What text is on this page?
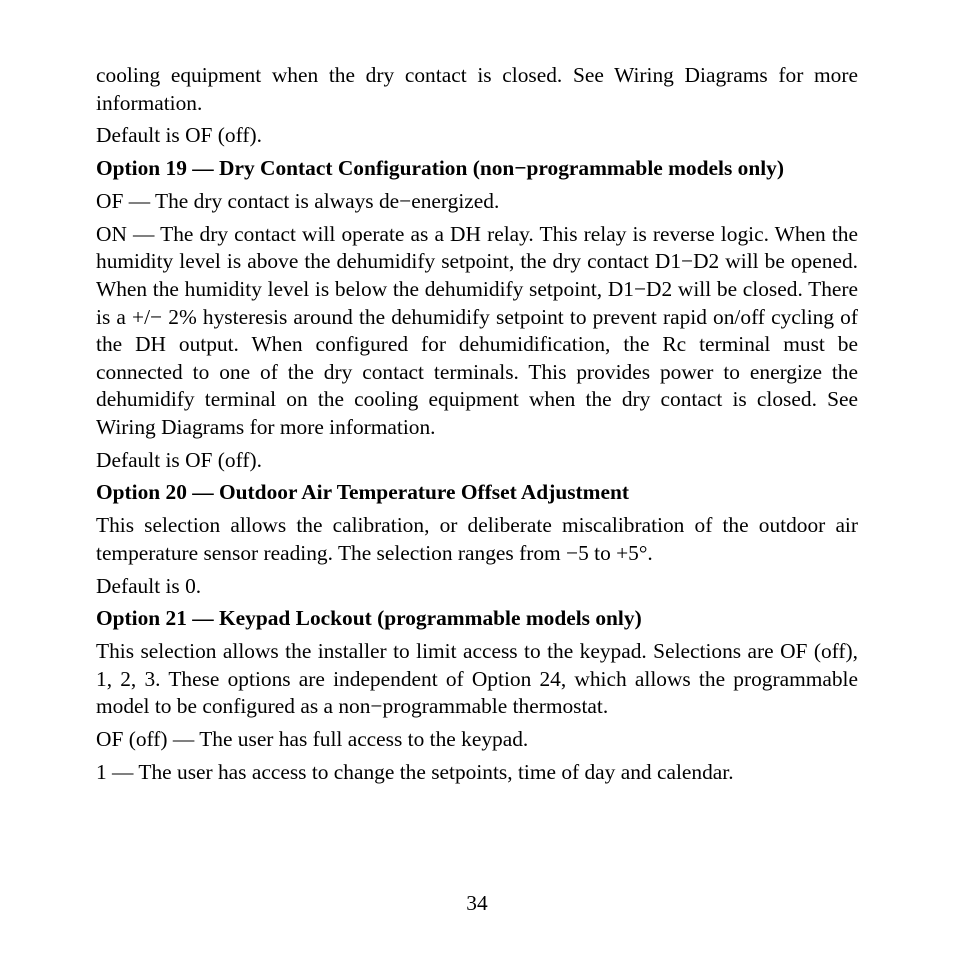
cooling equipment when the dry contact is closed. See Wiring Diagrams for more information.

Default is OF (off).

Option 19 — Dry Contact Configuration (non−programmable models only)

OF — The dry contact is always de−energized.

ON — The dry contact will operate as a DH relay. This relay is reverse logic. When the humidity level is above the dehumidify setpoint, the dry contact D1−D2 will be opened. When the humidity level is below the dehumidify setpoint, D1−D2 will be closed. There is a +/− 2% hysteresis around the dehumidify setpoint to prevent rapid on/off cycling of the DH output. When configured for dehumidification, the Rc terminal must be connected to one of the dry contact terminals. This provides power to energize the dehumidify terminal on the cooling equipment when the dry contact is closed. See Wiring Diagrams for more information.

Default is OF (off).

Option 20 — Outdoor Air Temperature Offset Adjustment

This selection allows the calibration, or deliberate miscalibration of the outdoor air temperature sensor reading. The selection ranges from −5 to +5°.

Default is 0.

Option 21 — Keypad Lockout (programmable models only)

This selection allows the installer to limit access to the keypad. Selections are OF (off), 1, 2, 3. These options are independent of Option 24, which allows the programmable model to be configured as a non−programmable thermostat.

OF (off) — The user has full access to the keypad.

1 — The user has access to change the setpoints, time of day and calendar.

34
